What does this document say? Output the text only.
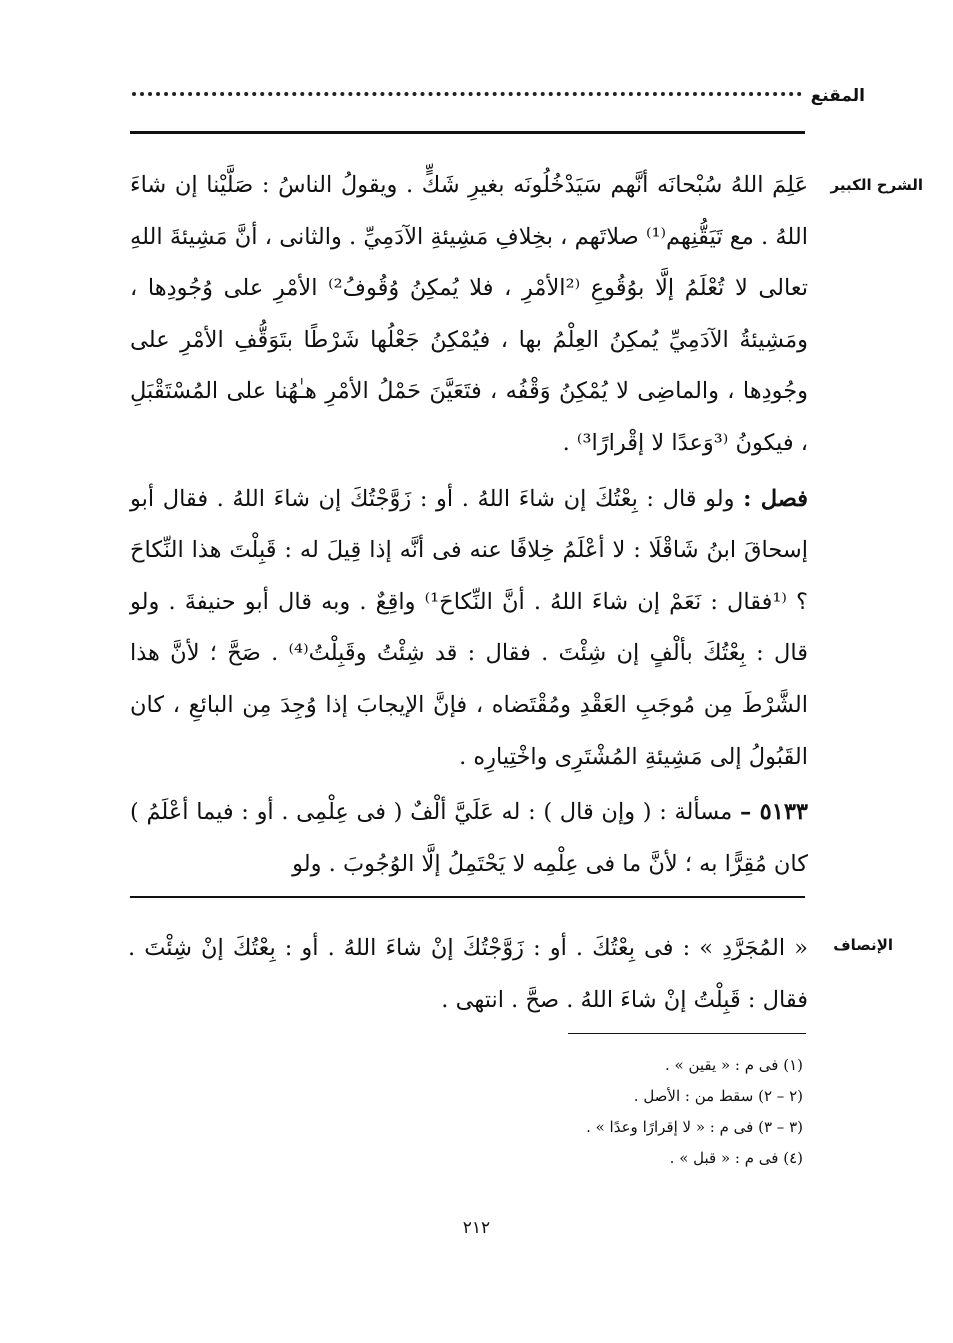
المقنع
الشرح الكبير

عَلِمَ اللهُ سُبْحانَه أنَّهم سَيَدْخُلُونَه بغيرِ شَكٍّ . ويقولُ الناسُ : صَلَّيْنا إن شاءَ اللهُ . مع تَيَقُّنِهم⁽¹⁾ صلاتَهم ، بخِلافِ مَشِيئةِ الآدَمِيِّ . والثانى ، أنَّ مَشِيئةَ اللهِ تعالى لا تُعْلَمُ إلَّا بوُقُوعِ ⁽²الأمْرِ ، فلا يُمكِنُ وُقُوفُ²⁾ الأمْرِ على وُجُودِها ، ومَشِيئةُ الآدَمِيِّ يُمكِنُ العِلْمُ بها ، فيُمْكِنُ جَعْلُها شَرْطًا بتَوَقُّفِ الأمْرِ على وجُودِها ، والماضِى لا يُمْكِنُ وَقْفُه ، فتَعَيَّنَ حَمْلُ الأمْرِ هـٰهُنا على المُسْتَقْبَلِ ، فيكونُ ⁽³وَعدًا لا إقْرارًا³⁾ .

فصل : ولو قال : بِعْتُكَ إن شاءَ اللهُ . أو : زَوَّجْتُكَ إن شاءَ اللهُ . فقال أبو إسحاقَ ابنُ شَاقْلَا : لا أعْلَمُ خِلافًا عنه فى أنَّه إذا قِيلَ له : قَبِلْتَ هذا النِّكاحَ ؟ ⁽¹فقال : نَعَمْ إن شاءَ اللهُ . أنَّ النِّكاحَ¹⁾ واقِعٌ . وبه قال أبو حنيفةَ . ولو قال : بِعْتُكَ بألْفٍ إن شِئْتَ . فقال : قد شِئْتُ وقَبِلْتُ⁽⁴⁾ . صَحَّ ؛ لأنَّ هذا الشَّرْطَ مِن مُوجَبِ العَقْدِ ومُقْتَضاه ، فإنَّ الإيجابَ إذا وُجِدَ مِن البائعِ ، كان القَبُولُ إلى مَشِيئةِ المُشْتَرِى واخْتِيارِه .

٥١٣٣ – مسألة : ( وإن قال ) : له عَلَيَّ ألْفٌ ( فى عِلْمِى . أو : فيما أعْلَمُ ) كان مُقِرًّا به ؛ لأنَّ ما فى عِلْمِه لا يَحْتَمِلُ إلَّا الوُجُوبَ . ولو

الإنصاف
« المُجَرَّدِ » : فى بِعْتُكَ . أو : زَوَّجْتُكَ إنْ شاءَ اللهُ . أو : بِعْتُكَ إنْ شِئْتَ . فقال : قَبِلْتُ إنْ شاءَ اللهُ . صحَّ . انتهى .
(١) فى م : « يقين » .
(٢ – ٢) سقط من : الأصل .
(٣ – ٣) فى م : « لا إقرارًا وعدًا » .
(٤) فى م : « قبل » .
٢١٢
